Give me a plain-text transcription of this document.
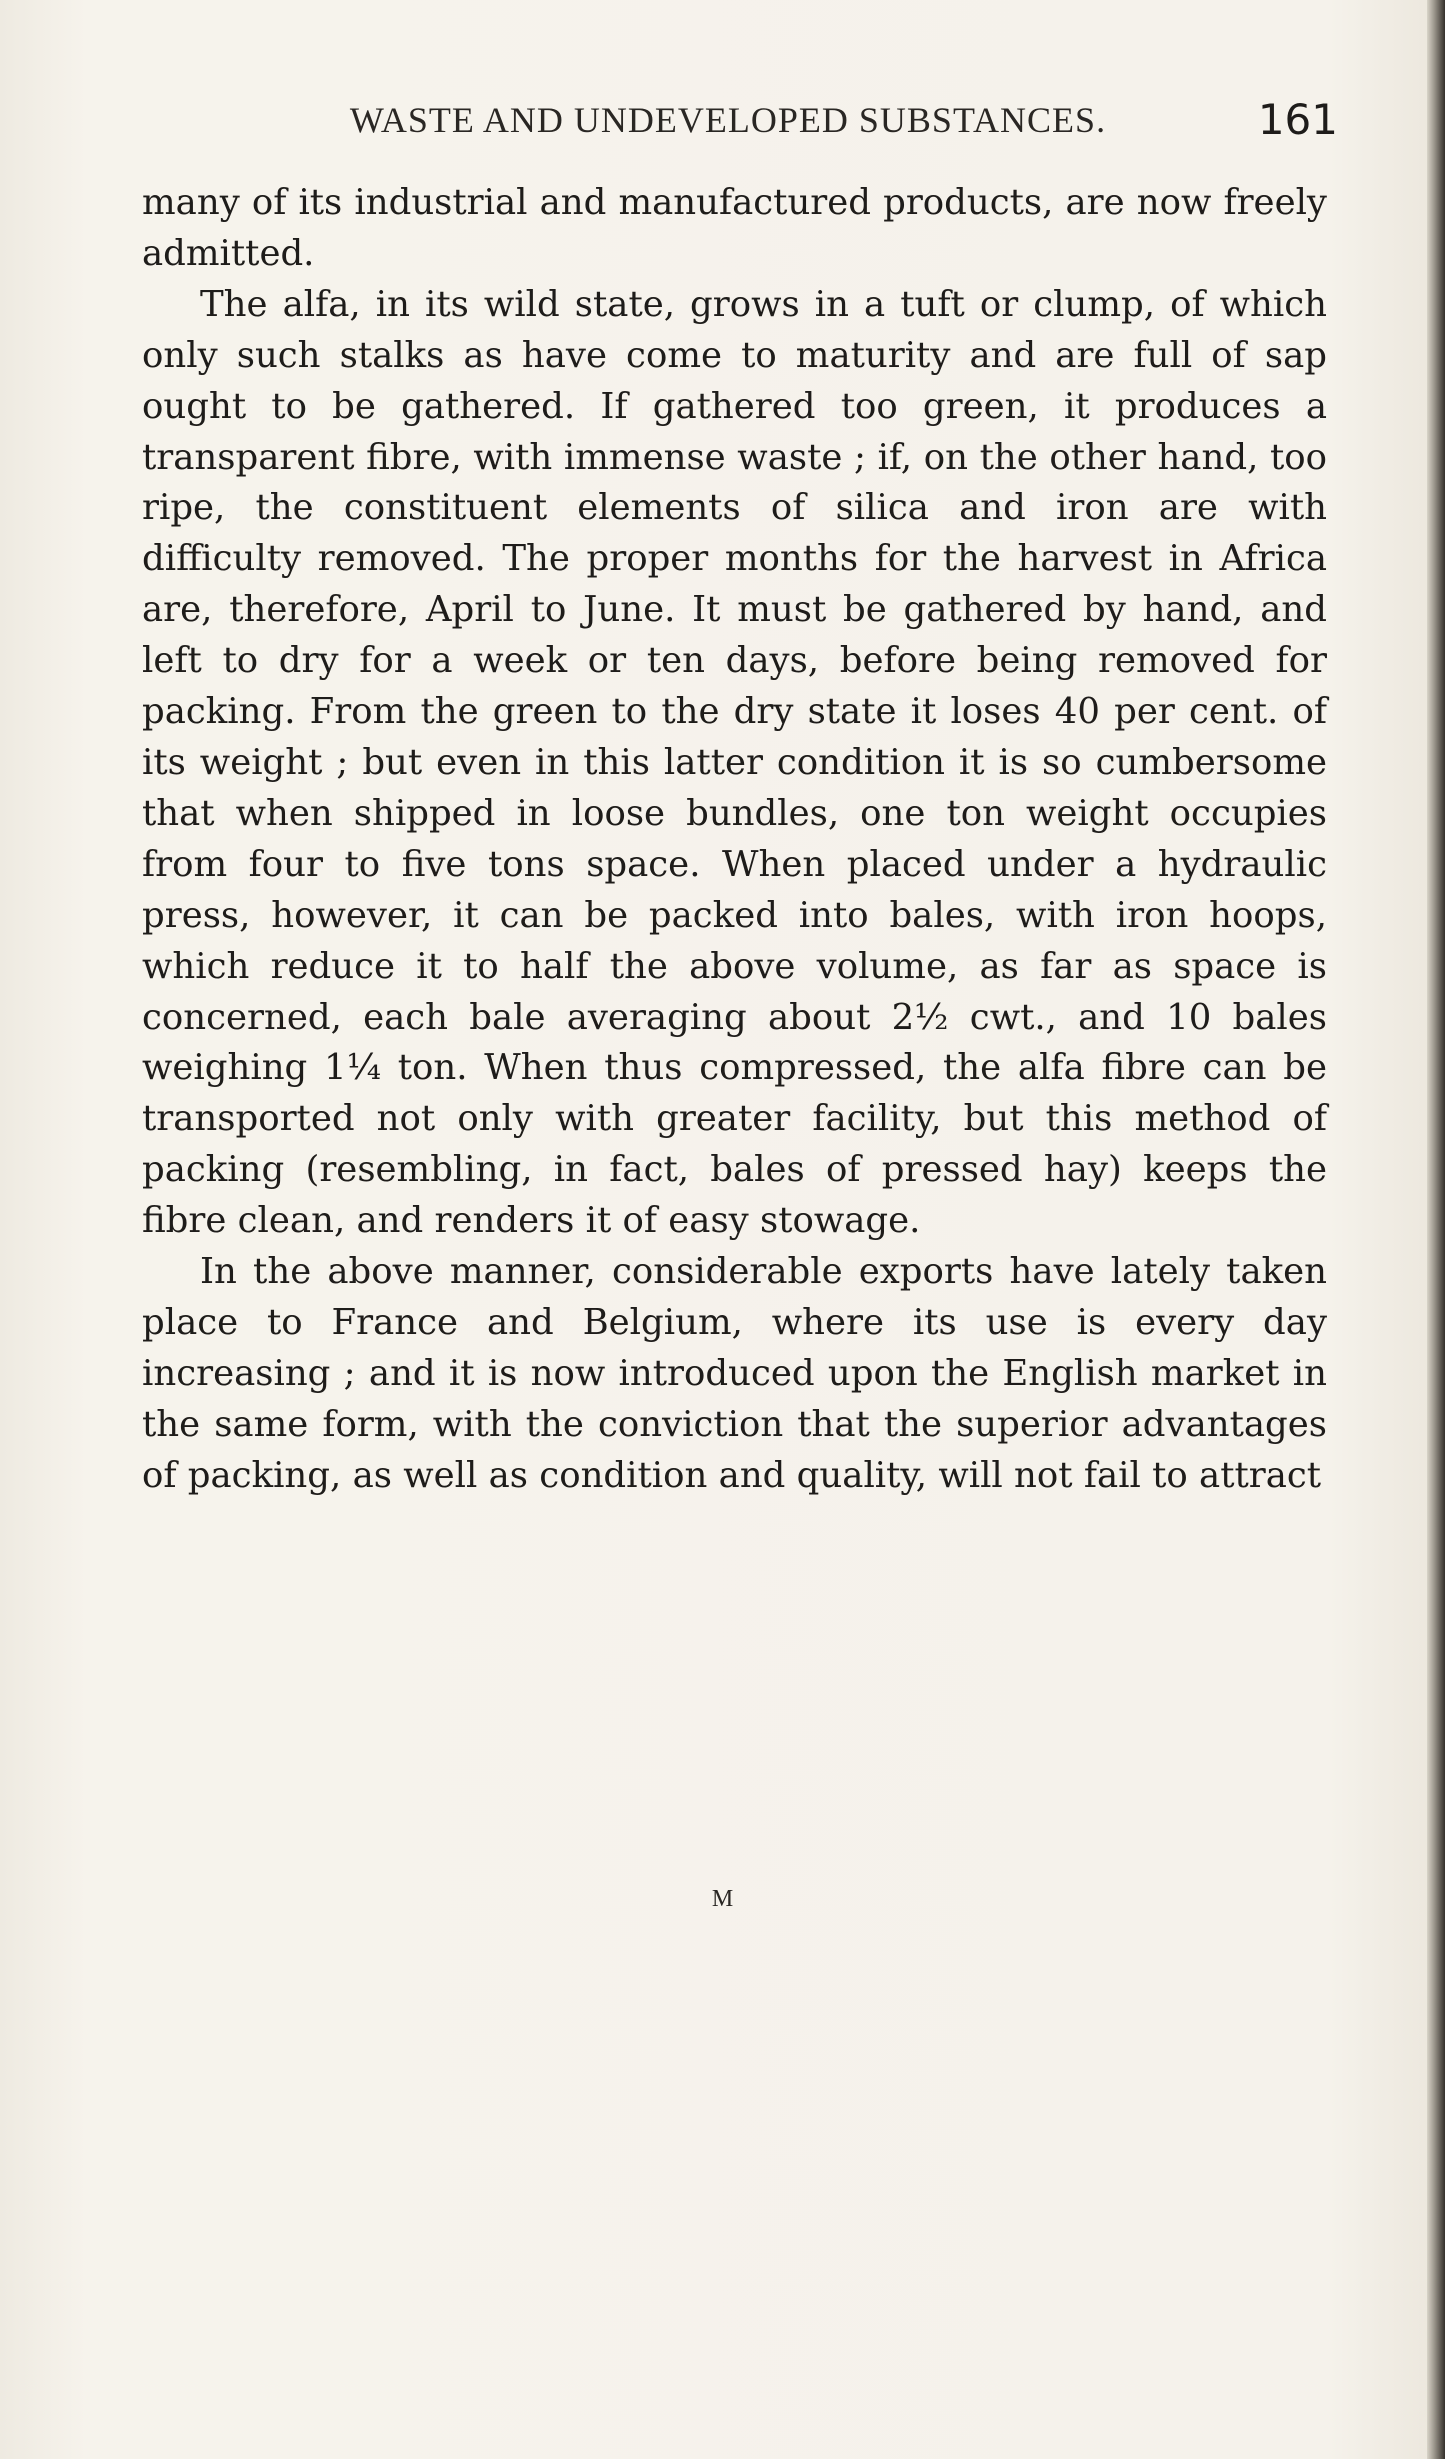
WASTE AND UNDEVELOPED SUBSTANCES.	161

many of its industrial and manufactured products, are now freely admitted.

The alfa, in its wild state, grows in a tuft or clump, of which only such stalks as have come to maturity and are full of sap ought to be gathered. If gathered too green, it produces a transparent fibre, with immense waste ; if, on the other hand, too ripe, the constituent elements of silica and iron are with difficulty removed. The proper months for the harvest in Africa are, therefore, April to June. It must be gathered by hand, and left to dry for a week or ten days, before being removed for packing. From the green to the dry state it loses 40 per cent. of its weight ; but even in this latter condition it is so cumbersome that when shipped in loose bundles, one ton weight occupies from four to five tons space. When placed under a hydraulic press, however, it can be packed into bales, with iron hoops, which reduce it to half the above volume, as far as space is concerned, each bale averaging about 2½ cwt., and 10 bales weighing 1¼ ton. When thus compressed, the alfa fibre can be transported not only with greater facility, but this method of packing (resembling, in fact, bales of pressed hay) keeps the fibre clean, and renders it of easy stowage.

In the above manner, considerable exports have lately taken place to France and Belgium, where its use is every day increasing ; and it is now introduced upon the English market in the same form, with the conviction that the superior advantages of packing, as well as condition and quality, will not fail to attract

M
